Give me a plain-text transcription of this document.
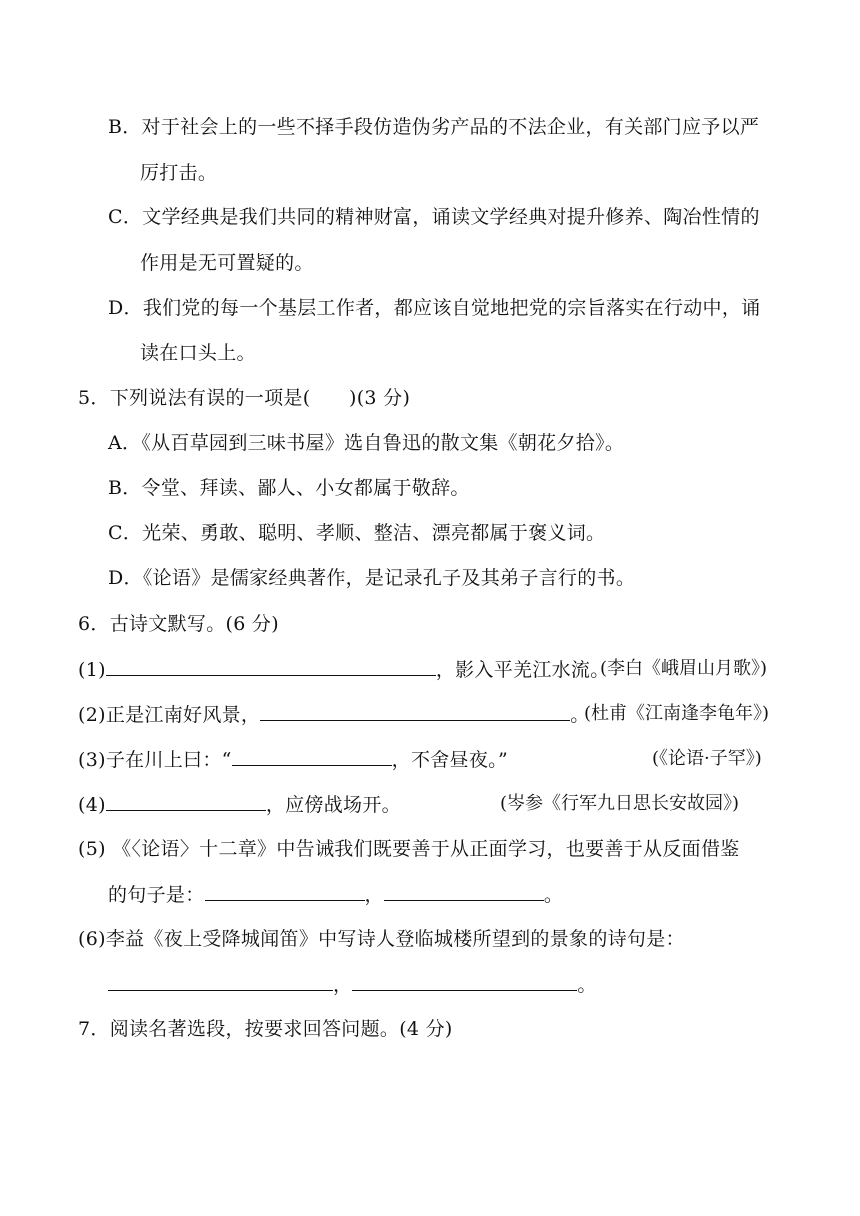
B．对于社会上的一些不择手段仿造伪劣产品的不法企业，有关部门应予以严
厉打击。
C．文学经典是我们共同的精神财富，诵读文学经典对提升修养、陶冶性情的
作用是无可置疑的。
D．我们党的每一个基层工作者，都应该自觉地把党的宗旨落实在行动中，诵
读在口头上。
5．下列说法有误的一项是(　　)(3 分)
A．《从百草园到三味书屋》选自鲁迅的散文集《朝花夕拾》。
B．令堂、拜读、鄙人、小女都属于敬辞。
C．光荣、勇敢、聪明、孝顺、整洁、漂亮都属于褒义词。
D．《论语》是儒家经典著作，是记录孔子及其弟子言行的书。
6．古诗文默写。(6 分)
(1)	，影入平羌江水流。
(李白《峨眉山月歌》)
(2)正是江南好风景，	。
(杜甫《江南逢李龟年》)
(3)子在川上曰：“	，不舍昼夜。”	(《论语·子罕》)
(4)	，应傍战场开。	(岑参《行军九日思长安故园》)
(5) 《〈论语〉十二章》中告诫我们既要善于从正面学习，也要善于从反面借鉴
的句子是：	，	。
(6)李益《夜上受降城闻笛》中写诗人登临城楼所望到的景象的诗句是：
，	。
7．阅读名著选段，按要求回答问题。(4 分)
